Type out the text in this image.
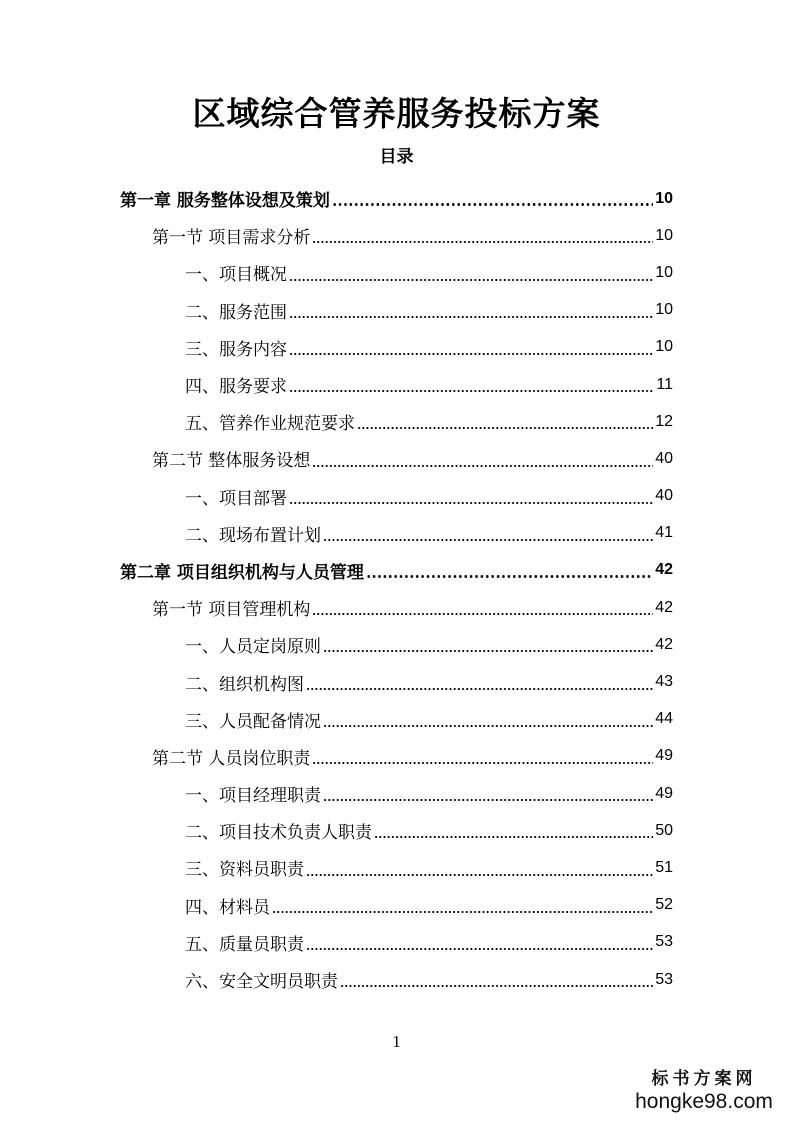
区域综合管养服务投标方案
目录
第一章 服务整体设想及策划	10
第一节 项目需求分析	10
一、项目概况	10
二、服务范围	10
三、服务内容	10
四、服务要求	11
五、管养作业规范要求	12
第二节 整体服务设想	40
一、项目部署	40
二、现场布置计划	41
第二章 项目组织机构与人员管理	42
第一节 项目管理机构	42
一、人员定岗原则	42
二、组织机构图	43
三、人员配备情况	44
第二节 人员岗位职责	49
一、项目经理职责	49
二、项目技术负责人职责	50
三、资料员职责	51
四、材料员	52
五、质量员职责	53
六、安全文明员职责	53
1
标书方案网
hongke98.com
